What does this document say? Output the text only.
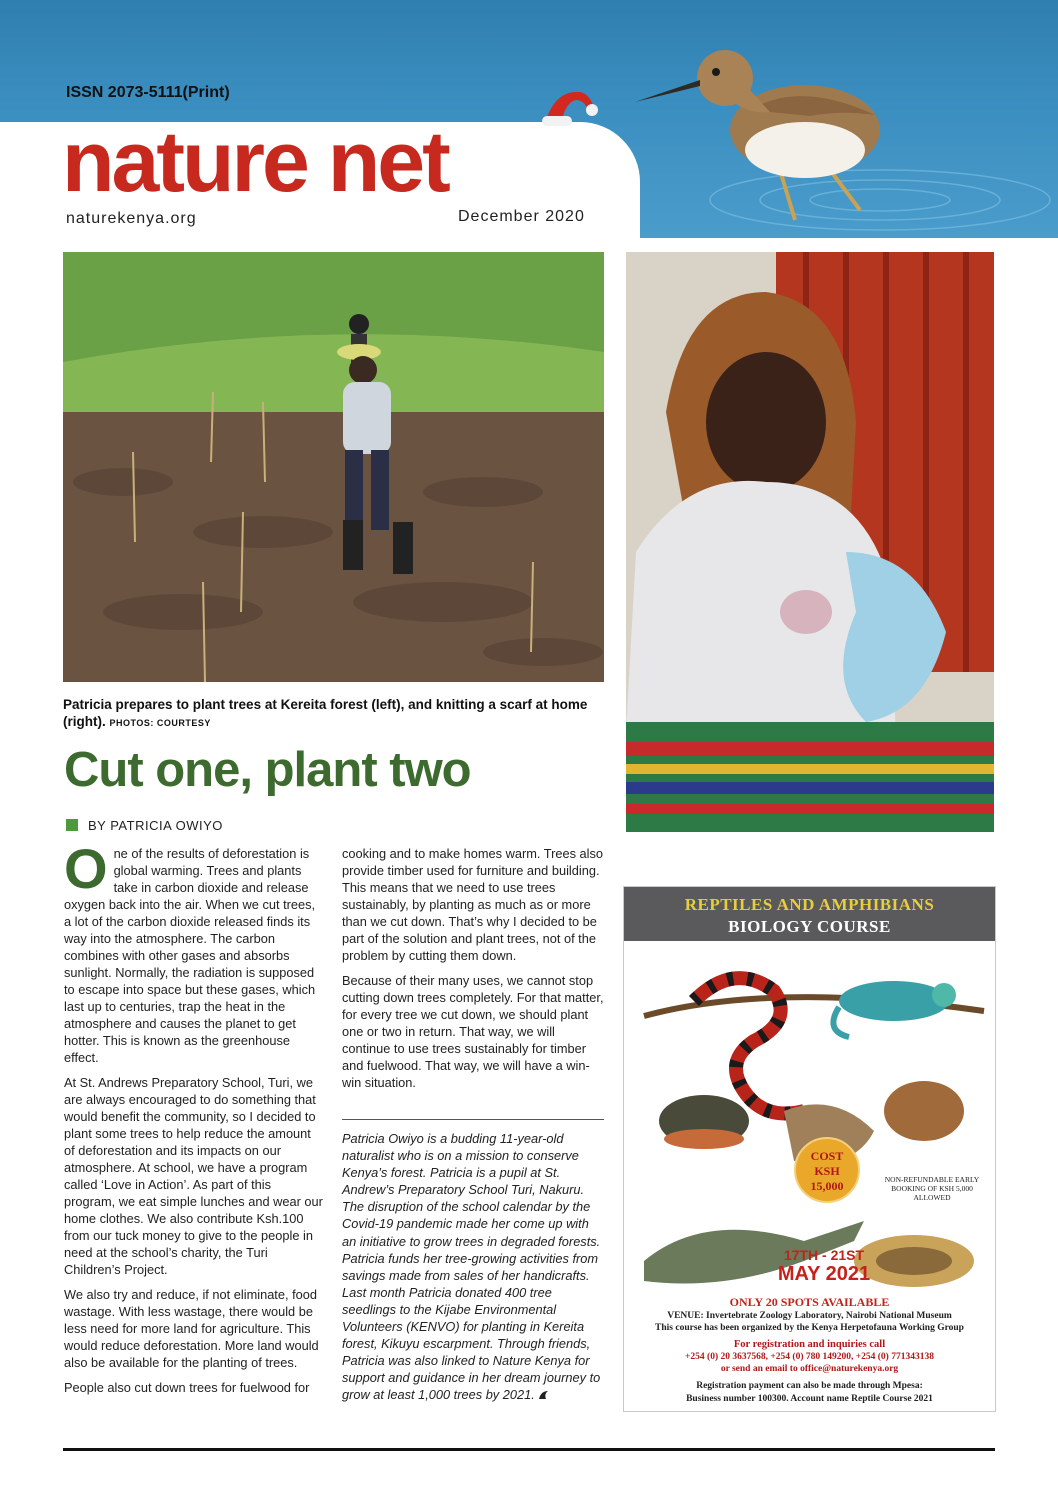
ISSN 2073-5111(Print)
nature net
naturekenya.org	December 2020
Patricia prepares to plant trees at Kereita forest (left), and knitting a scarf at home (right). PHOTOS: COURTESY
Cut one, plant two
BY PATRICIA OWIYO

One of the results of deforestation is global warming. Trees and plants take in carbon dioxide and release oxygen back into the air. When we cut trees, a lot of the carbon dioxide released finds its way into the atmosphere. The carbon combines with other gases and absorbs sunlight. Normally, the radiation is supposed to escape into space but these gases, which last up to centuries, trap the heat in the atmosphere and causes the planet to get hotter. This is known as the greenhouse effect.

At St. Andrews Preparatory School, Turi, we are always encouraged to do something that would benefit the community, so I decided to plant some trees to help reduce the amount of deforestation and its impacts on our atmosphere. At school, we have a program called ‘Love in Action’. As part of this program, we eat simple lunches and wear our home clothes. We also contribute Ksh.100 from our tuck money to give to the people in need at the school’s charity, the Turi Children’s Project.

We also try and reduce, if not eliminate, food wastage. With less wastage, there would be less need for more land for agriculture. This would reduce deforestation. More land would also be available for the planting of trees.

People also cut down trees for fuelwood for

cooking and to make homes warm. Trees also provide timber used for furniture and building. This means that we need to use trees sustainably, by planting as much as or more than we cut down. That’s why I decided to be part of the solution and plant trees, not of the problem by cutting them down.

Because of their many uses, we cannot stop cutting down trees completely. For that matter, for every tree we cut down, we should plant one or two in return. That way, we will continue to use trees sustainably for timber and fuelwood. That way, we will have a win-win situation.

Patricia Owiyo is a budding 11-year-old naturalist who is on a mission to conserve Kenya’s forest. Patricia is a pupil at St. Andrew’s Preparatory School Turi, Nakuru. The disruption of the school calendar by the Covid-19 pandemic made her come up with an initiative to grow trees in degraded forests. Patricia funds her tree-growing activities from savings made from sales of her handicrafts. Last month Patricia donated 400 tree seedlings to the Kijabe Environmental Volunteers (KENVO) for planting in Kereita forest, Kikuyu escarpment. Through friends, Patricia was also linked to Nature Kenya for support and guidance in her dream journey to grow at least 1,000 trees by 2021.
REPTILES AND AMPHIBIANS
BIOLOGY COURSE
COST
KSH
15,000	NON-REFUNDABLE EARLY BOOKING OF KSH 5,000 ALLOWED
17TH - 21ST
MAY 2021
ONLY 20 SPOTS AVAILABLE
VENUE: Invertebrate Zoology Laboratory, Nairobi National Museum
This course has been organized by the Kenya Herpetofauna Working Group
For registration and inquiries call
+254 (0) 20 3637568, +254 (0) 780 149200, +254 (0) 771343138
or send an email to office@naturekenya.org
Registration payment can also be made through Mpesa:
Business number 100300. Account name Reptile Course 2021
